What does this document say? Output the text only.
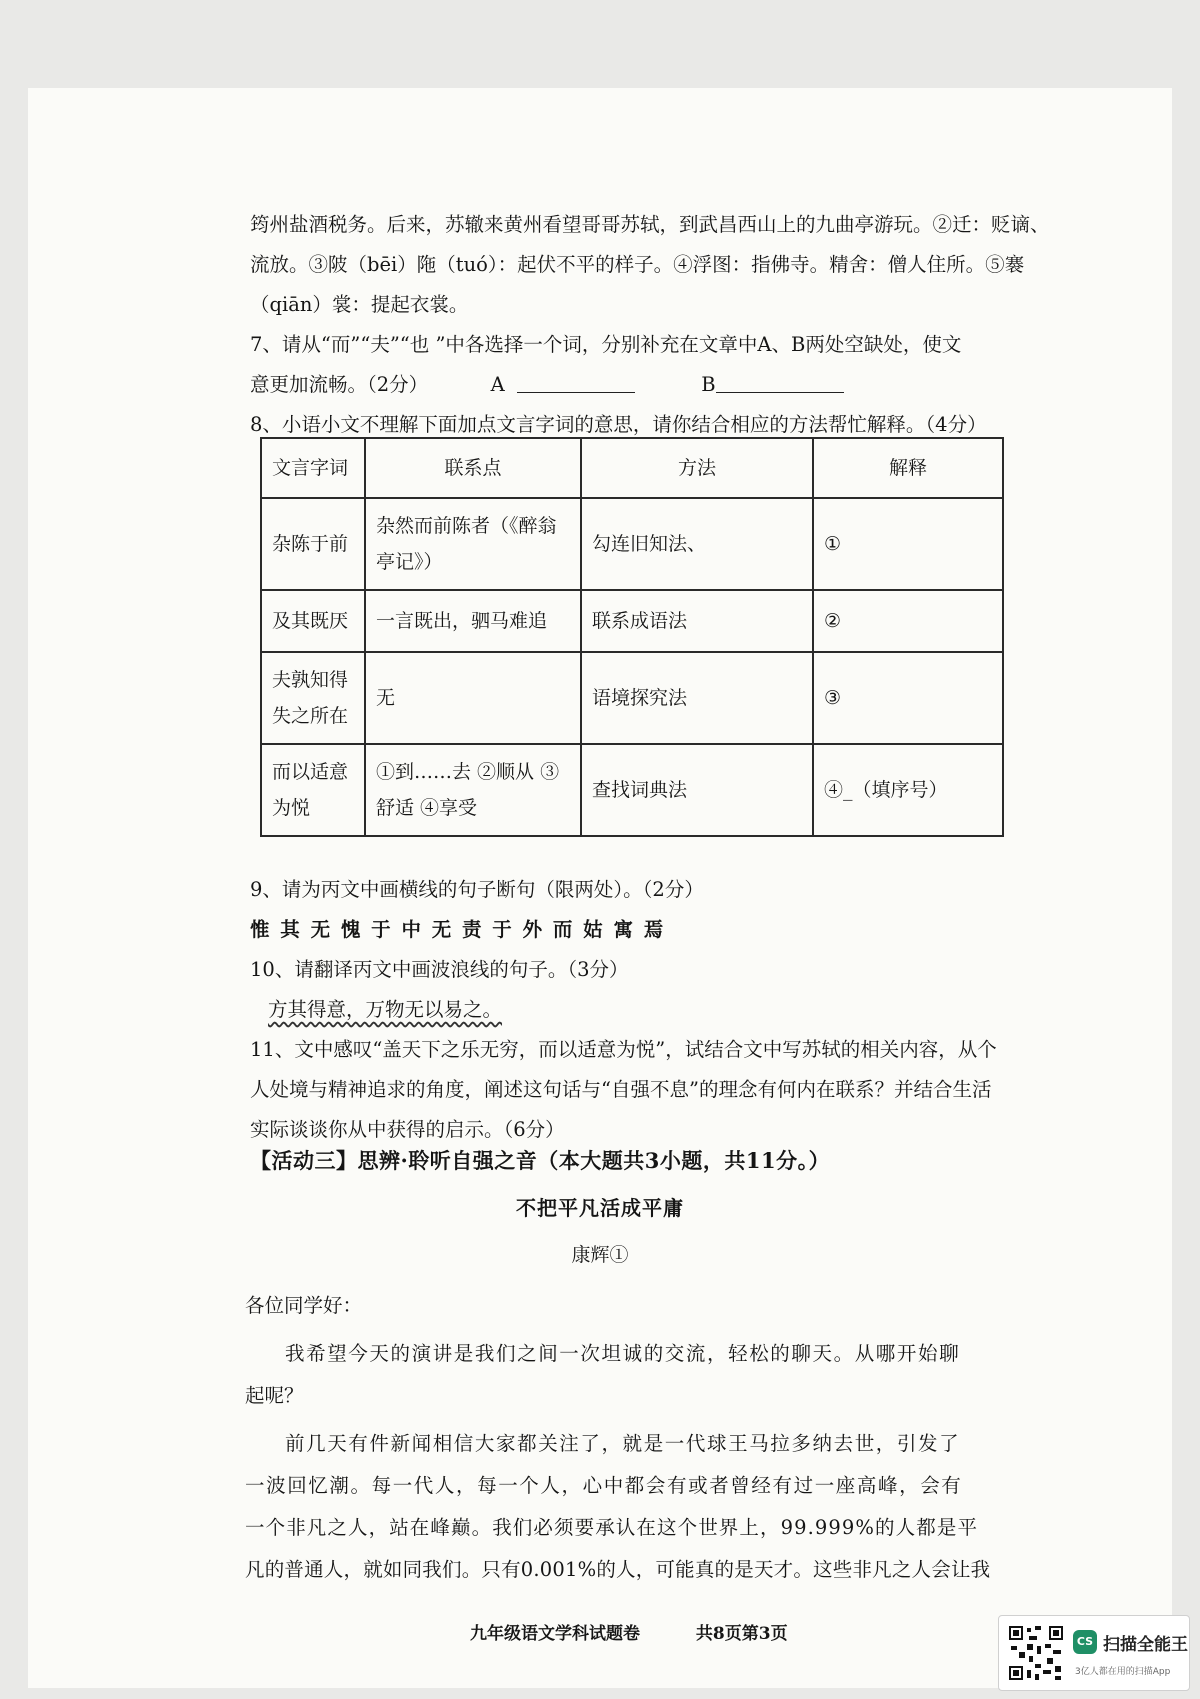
筠州盐酒税务。后来，苏辙来黄州看望哥哥苏轼，到武昌西山上的九曲亭游玩。②迁：贬谪、
流放。③陂（bēi）陁（tuó）：起伏不平的样子。④浮图：指佛寺。精舍：僧人住所。⑤褰
（qiān）裳：提起衣裳。
7、请从“而”“夫”“也 ”中各选择一个词，分别补充在文章中A、B两处空缺处，使文
意更加流畅。（2分）	A	B
8、小语小文不理解下面加点文言字词的意思，请你结合相应的方法帮忙解释。（4分）
文言字词	联系点	方法	解释
杂陈于前	杂然而前陈者（《醉翁亭记》）	勾连旧知法、	①
及其既厌	一言既出，驷马难追	联系成语法	②
夫孰知得失之所在	无	语境探究法	③
而以适意为悦	①到……去 ②顺从 ③舒适 ④享受	查找词典法	④_（填序号）
9、请为丙文中画横线的句子断句（限两处）。（2分）
惟 其 无 愧 于 中 无 责 于 外 而 姑 寓 焉
10、请翻译丙文中画波浪线的句子。（3分）
方其得意，万物无以易之。
11、文中感叹“盖天下之乐无穷，而以适意为悦”，试结合文中写苏轼的相关内容，从个
人处境与精神追求的角度，阐述这句话与“自强不息”的理念有何内在联系？并结合生活
实际谈谈你从中获得的启示。（6分）
【活动三】思辨·聆听自强之音（本大题共3小题，共11分。）
不把平凡活成平庸
康辉①

各位同学好：

我希望今天的演讲是我们之间一次坦诚的交流，轻松的聊天。从哪开始聊

起呢？

前几天有件新闻相信大家都关注了，就是一代球王马拉多纳去世，引发了

一波回忆潮。每一代人，每一个人，心中都会有或者曾经有过一座高峰，会有

一个非凡之人，站在峰巅。我们必须要承认在这个世界上，99.999%的人都是平

凡的普通人，就如同我们。只有0.001%的人，可能真的是天才。这些非凡之人会让我

九年级语文学科试题卷	共8页第3页	CS 扫描全能王
3亿人都在用的扫描App
